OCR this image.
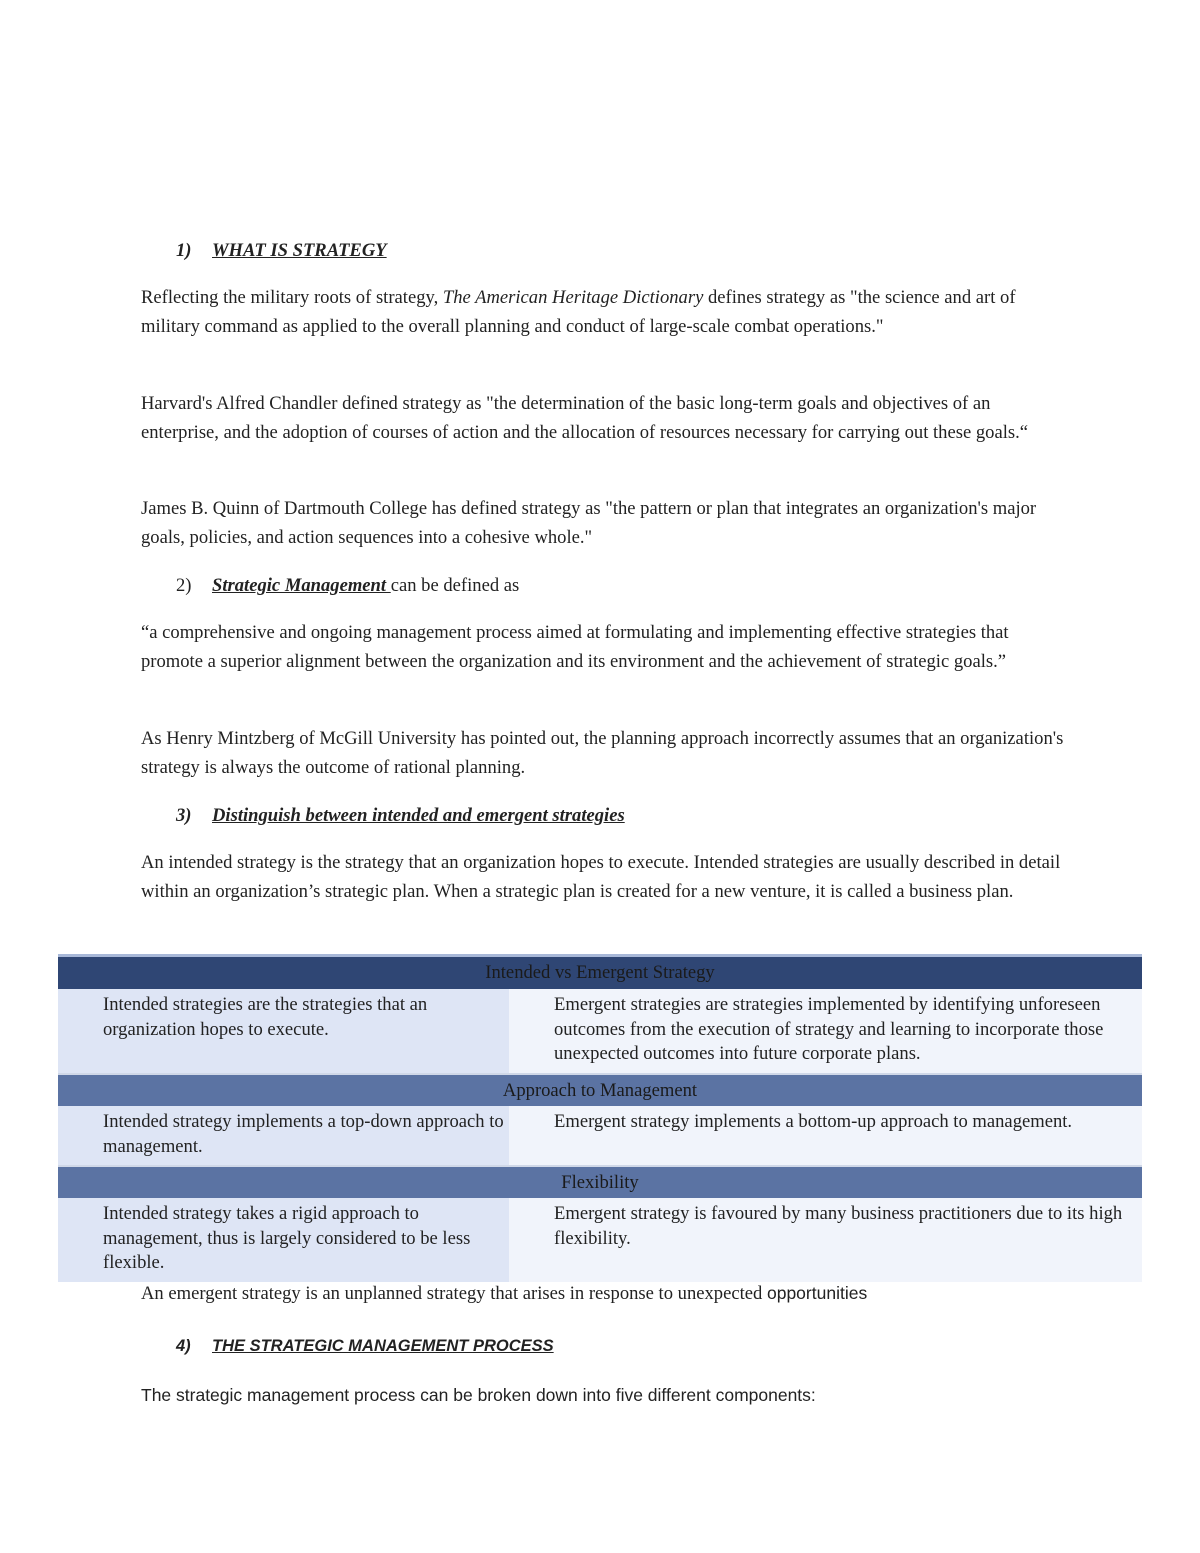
1) WHAT IS STRATEGY

Reflecting the military roots of strategy, The American Heritage Dictionary defines strategy as "the science and art of military command as applied to the overall planning and conduct of large-scale combat operations."

Harvard's Alfred Chandler defined strategy as "the determination of the basic long-term goals and objectives of an enterprise, and the adoption of courses of action and the allocation of resources necessary for carrying out these goals.“

James B. Quinn of Dartmouth College has defined strategy as "the pattern or plan that integrates an organization's major goals, policies, and action sequences into a cohesive whole."

2) Strategic Management can be defined as

“a comprehensive and ongoing management process aimed at formulating and implementing effective strategies that promote a superior alignment between the organization and its environment and the achievement of strategic goals.”

As Henry Mintzberg of McGill University has pointed out, the planning approach incorrectly assumes that an organization's strategy is always the outcome of rational planning.

3) Distinguish between intended and emergent strategies

An intended strategy is the strategy that an organization hopes to execute. Intended strategies are usually described in detail within an organization’s strategic plan. When a strategic plan is created for a new venture, it is called a business plan.

Intended vs Emergent Strategy	
Intended strategies are the strategies that an organization hopes to execute.	Emergent strategies are strategies implemented by identifying unforeseen outcomes from the execution of strategy and learning to incorporate those unexpected outcomes into future corporate plans.
Approach to Management	
Intended strategy implements a top-down approach to management.	Emergent strategy implements a bottom-up approach to management.
Flexibility	
Intended strategy takes a rigid approach to management, thus is largely considered to be less flexible.	Emergent strategy is favoured by many business practitioners due to its high flexibility.

An emergent strategy is an unplanned strategy that arises in response to unexpected opportunities

4) THE STRATEGIC MANAGEMENT PROCESS
The strategic management process can be broken down into five different components:
